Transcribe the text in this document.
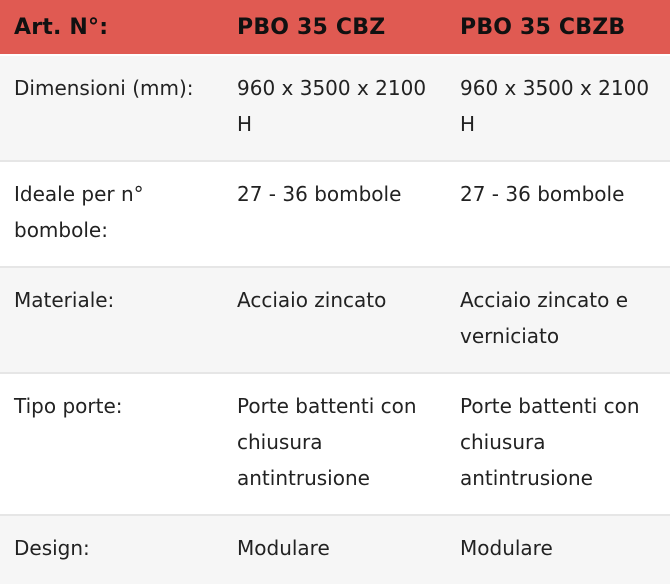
Art. N°:	PBO 35 CBZ	PBO 35 CBZB
Dimensioni (mm):	960 x 3500 x 2100 H	960 x 3500 x 2100 H
Ideale per n° bombole:	27 - 36 bombole	27 - 36 bombole
Materiale:	Acciaio zincato	Acciaio zincato e verniciato
Tipo porte:	Porte battenti con chiusura antintrusione	Porte battenti con chiusura antintrusione
Design:	Modulare	Modulare
